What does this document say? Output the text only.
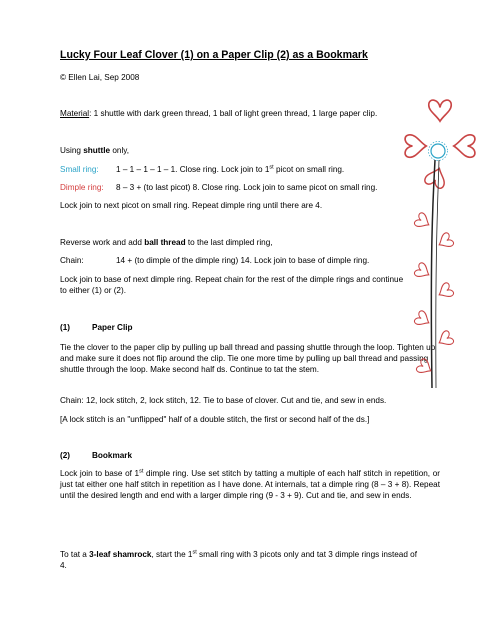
Lucky Four Leaf Clover (1) on a Paper Clip (2) as a Bookmark
© Ellen Lai, Sep 2008
Material: 1 shuttle with dark green thread, 1 ball of light green thread, 1 large paper clip.
Using shuttle only,
Small ring: 1 – 1 – 1 – 1 – 1. Close ring. Lock join to 1st picot on small ring.
Dimple ring: 8 – 3 + (to last picot) 8. Close ring. Lock join to same picot on small ring.
Lock join to next picot on small ring. Repeat dimple ring until there are 4.
Reverse work and add ball thread to the last dimpled ring,
Chain:	14 + (to dimple of the dimple ring) 14. Lock join to base of dimple ring.
Lock join to base of next dimple ring. Repeat chain for the rest of the dimple rings and continue to either (1) or (2).
(1)	Paper Clip
Tie the clover to the paper clip by pulling up ball thread and passing shuttle through the loop. Tighten up and make sure it does not flip around the clip. Tie one more time by pulling up ball thread and passing shuttle through the loop. Make second half ds. Continue to tat the stem.
Chain: 12, lock stitch, 2, lock stitch, 12. Tie to base of clover. Cut and tie, and sew in ends.
[A lock stitch is an "unflipped" half of a double stitch, the first or second half of the ds.]
(2)	Bookmark
Lock join to base of 1st dimple ring. Use set stitch by tatting a multiple of each half stitch in repetition, or just tat either one half stitch in repetition as I have done. At internals, tat a dimple ring (8 – 3 + 8). Repeat until the desired length and end with a larger dimple ring (9 - 3 + 9). Cut and tie, and sew in ends.
To tat a 3-leaf shamrock, start the 1st small ring with 3 picots only and tat 3 dimple rings instead of 4.
